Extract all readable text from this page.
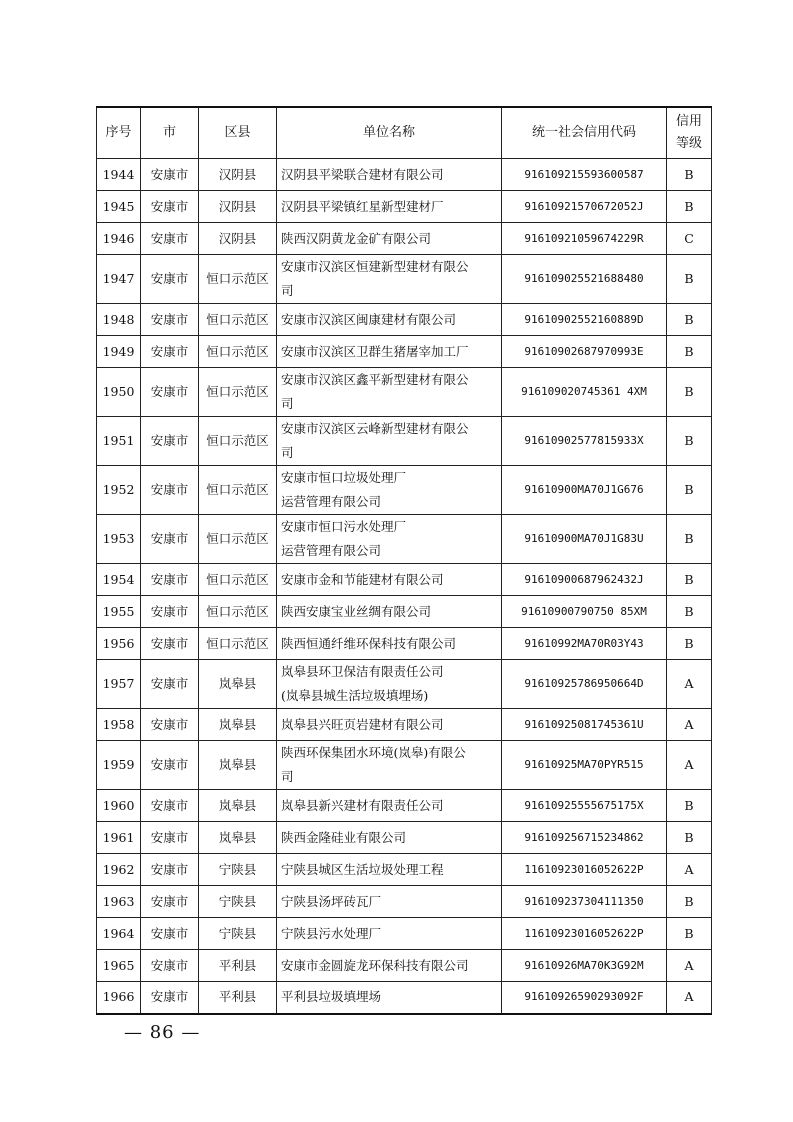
序号	市	区县	单位名称	统一社会信用代码	信用
等级

1944	安康市	汉阴县	汉阴县平梁联合建材有限公司	916109215593600587	B
1945	安康市	汉阴县	汉阴县平梁镇红星新型建材厂	91610921570672052J	B
1946	安康市	汉阴县	陕西汉阴黄龙金矿有限公司	91610921059674229R	C
1947	安康市	恒口示范区	安康市汉滨区恒建新型建材有限公
司	916109025521688480	B
1948	安康市	恒口示范区	安康市汉滨区闽康建材有限公司	91610902552160889D	B
1949	安康市	恒口示范区	安康市汉滨区卫群生猪屠宰加工厂	91610902687970993E	B
1950	安康市	恒口示范区	安康市汉滨区鑫平新型建材有限公
司	916109020745361 4XM	B
1951	安康市	恒口示范区	安康市汉滨区云峰新型建材有限公
司	91610902577815933X	B
1952	安康市	恒口示范区	安康市恒口垃圾处理厂
运营管理有限公司	91610900MA70J1G676	B
1953	安康市	恒口示范区	安康市恒口污水处理厂
运营管理有限公司	91610900MA70J1G83U	B
1954	安康市	恒口示范区	安康市金和节能建材有限公司	91610900687962432J	B
1955	安康市	恒口示范区	陕西安康宝业丝绸有限公司	91610900790750 85XM	B
1956	安康市	恒口示范区	陕西恒通纤维环保科技有限公司	91610992MA70R03Y43	B
1957	安康市	岚皋县	岚皋县环卫保洁有限责任公司
(岚皋县城生活垃圾填埋场)	91610925786950664D	A
1958	安康市	岚皋县	岚皋县兴旺页岩建材有限公司	91610925081745361U	A
1959	安康市	岚皋县	陕西环保集团水环境(岚皋)有限公
司	91610925MA70PYR515	A
1960	安康市	岚皋县	岚皋县新兴建材有限责任公司	91610925555675175X	B
1961	安康市	岚皋县	陕西金隆硅业有限公司	916109256715234862	B
1962	安康市	宁陕县	宁陕县城区生活垃圾处理工程	11610923016052622P	A
1963	安康市	宁陕县	宁陕县汤坪砖瓦厂	916109237304111350	B
1964	安康市	宁陕县	宁陕县污水处理厂	11610923016052622P	B
1965	安康市	平利县	安康市金圆旋龙环保科技有限公司	91610926MA70K3G92M	A
1966	安康市	平利县	平利县垃圾填埋场	91610926590293092F	A
— 86 —
